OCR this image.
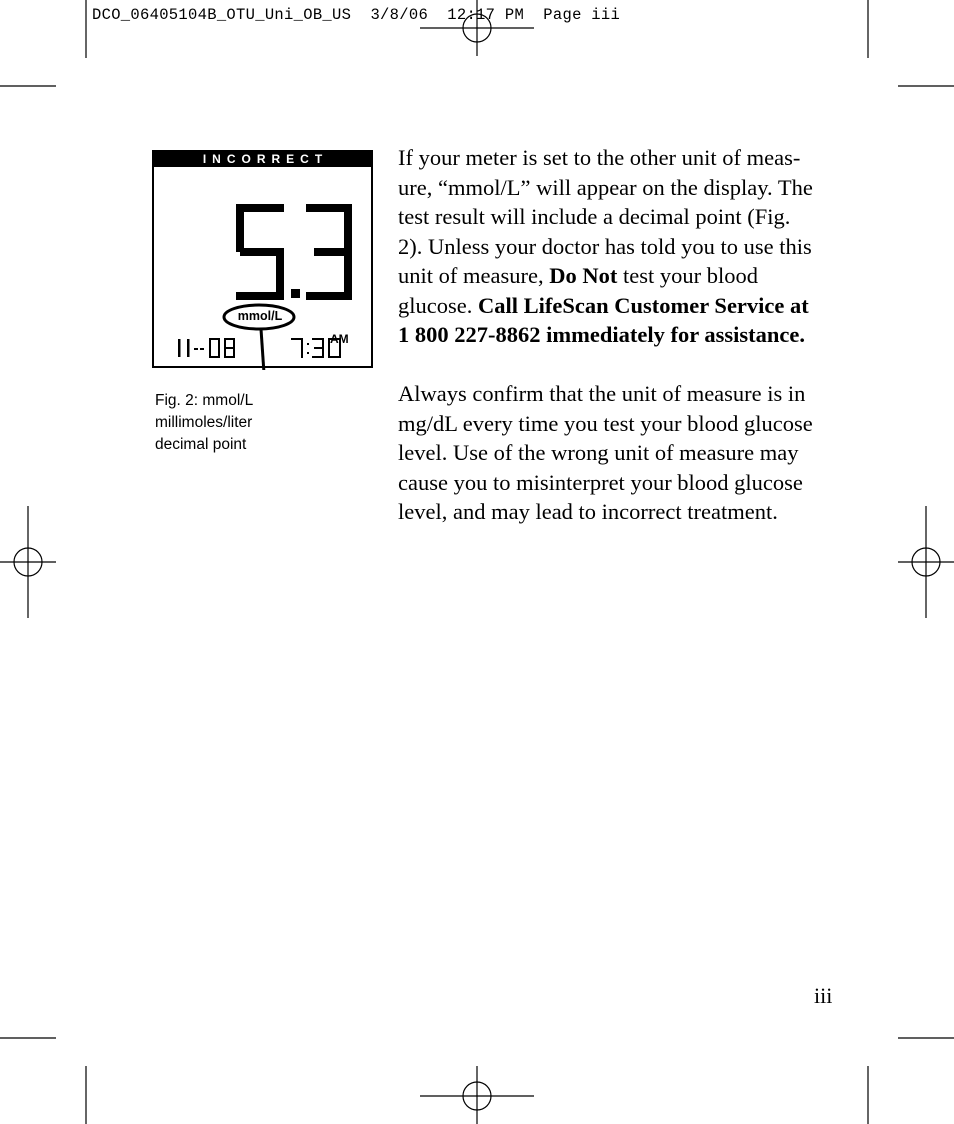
DCO_06405104B_OTU_Uni_OB_US  3/8/06  12:17 PM  Page iii
INCORRECT
mmol/L
AM
Fig. 2: mmol/L
millimoles/liter
decimal point

If your meter is set to the other unit of meas-ure, “mmol/L” will appear on the display. The test result will include a decimal point (Fig. 2). Unless your doctor has told you to use this unit of measure, Do Not test your blood glucose. Call LifeScan Customer Service at 1 800 227-8862 immediately for assistance.

Always confirm that the unit of measure is in mg/dL every time you test your blood glucose level. Use of the wrong unit of measure may cause you to misinterpret your blood glucose level, and may lead to incorrect treatment.

iii
